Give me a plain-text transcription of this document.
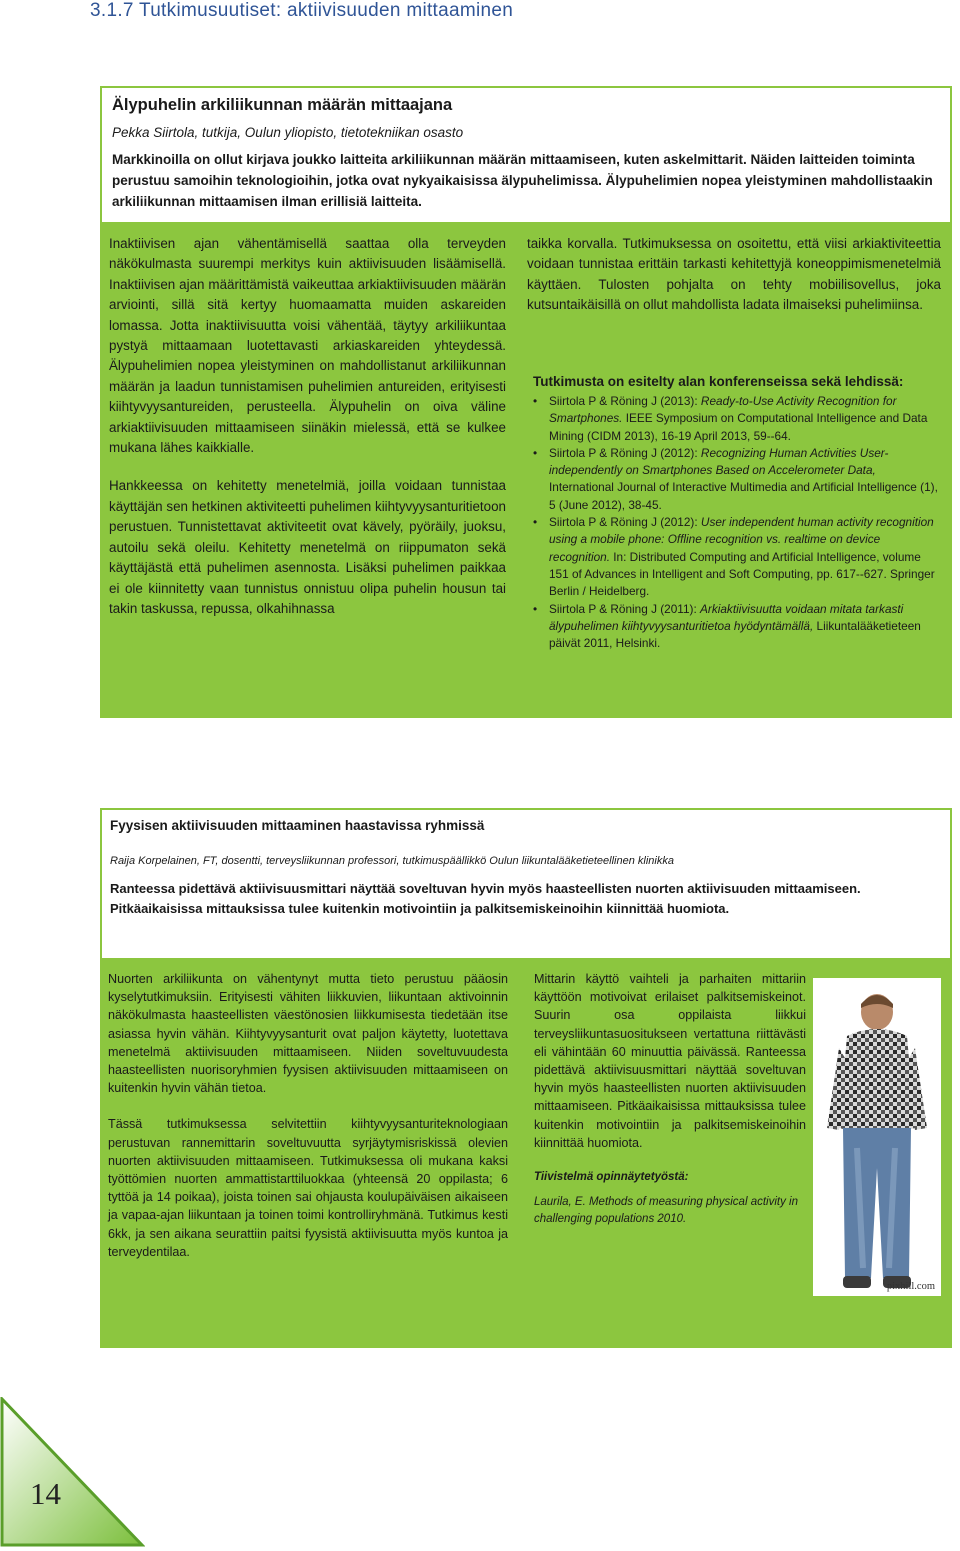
3.1.7 Tutkimusuutiset: aktiivisuuden mittaaminen
Älypuhelin arkiliikunnan määrän mittaajana
Pekka Siirtola, tutkija, Oulun yliopisto, tietotekniikan osasto
Markkinoilla on ollut kirjava joukko laitteita arkiliikunnan määrän mittaamiseen, kuten askelmittarit. Näiden laitteiden toiminta perustuu samoihin teknologioihin, jotka ovat nykyaikaisissa älypuhelimissa. Älypuhelimien nopea yleistyminen mahdollistaakin arkiliikunnan mittaamisen ilman erillisiä laitteita.

Inaktiivisen ajan vähentämisellä saattaa olla terveyden näkökulmasta suurempi merkitys kuin aktiivisuuden lisäämisellä. Inaktiivisen ajan määrittämistä vaikeuttaa arkiaktiivisuuden määrän arviointi, sillä sitä kertyy huomaamatta muiden askareiden lomassa. Jotta inaktiivisuutta voisi vähentää, täytyy arkiliikuntaa pystyä mittaamaan luotettavasti arkiaskareiden yhteydessä. Älypuhelimien nopea yleistyminen on mahdollistanut arkiliikunnan määrän ja laadun tunnistamisen puhelimien antureiden, erityisesti kiihtyvyysantureiden, perusteella. Älypuhelin on oiva väline arkiaktiivisuuden mittaamiseen siinäkin mielessä, että se kulkee mukana lähes kaikkialle.

Hankkeessa on kehitetty menetelmiä, joilla voidaan tunnistaa käyttäjän sen hetkinen aktiviteetti puhelimen kiihtyvyysanturitietoon perustuen. Tunnistettavat aktiviteetit ovat kävely, pyöräily, juoksu, autoilu sekä oleilu. Kehitetty menetelmä on riippumaton sekä käyttäjästä että puhelimen asennosta. Lisäksi puhelimen paikkaa ei ole kiinnitetty vaan tunnistus onnistuu olipa puhelin housun tai takin taskussa, repussa, olkahihnassa

taikka korvalla. Tutkimuksessa on osoitettu, että viisi arkiaktiviteettia voidaan tunnistaa erittäin tarkasti kehitettyjä koneoppimismenetelmiä käyttäen. Tulosten pohjalta on tehty mobiilisovellus, joka kutsuntaikäisillä on ollut mahdollista ladata ilmaiseksi puhelimiinsa.

Tutkimusta on esitelty alan konferenseissa sekä lehdissä:
• Siirtola P & Röning J (2013): Ready-to-Use Activity Recognition for Smartphones. IEEE Symposium on Computational Intelligence and Data Mining (CIDM 2013), 16-19 April 2013, 59--64.
• Siirtola P & Röning J (2012): Recognizing Human Activities User-independently on Smartphones Based on Accelerometer Data, International Journal of Interactive Multimedia and Artificial Intelligence (1), 5 (June 2012), 38-45.
• Siirtola P & Röning J (2012): User independent human activity recognition using a mobile phone: Offline recognition vs. realtime on device recognition. In: Distributed Computing and Artificial Intelligence, volume 151 of Advances in Intelligent and Soft Computing, pp. 617--627. Springer Berlin / Heidelberg.
• Siirtola P & Röning J (2011): Arkiaktiivisuutta voidaan mitata tarkasti älypuhelimen kiihtyvyysanturitietoa hyödyntämällä, Liikuntalääketieteen päivät 2011, Helsinki.
Fyysisen aktiivisuuden mittaaminen haastavissa ryhmissä
Raija Korpelainen, FT, dosentti, terveysliikunnan professori, tutkimuspäällikkö Oulun liikuntalääketieteellinen klinikka
Ranteessa pidettävä aktiivisuusmittari näyttää soveltuvan hyvin myös haasteellisten nuorten aktiivisuuden mittaamiseen. Pitkäaikaisissa mittauksissa tulee kuitenkin motivointiin ja palkitsemiskeinoihin kiinnittää huomiota.

Nuorten arkiliikunta on vähentynyt mutta tieto perustuu pääosin kyselytutkimuksiin. Erityisesti vähiten liikkuvien, liikuntaan aktivoinnin näkökulmasta haasteellisten väestönosien liikkumisesta tiedetään itse asiassa hyvin vähän. Kiihtyvyysanturit ovat paljon käytetty, luotettava menetelmä aktiivisuuden mittaamiseen. Niiden soveltuvuudesta haasteellisten nuorisoryhmien fyysisen aktiivisuuden mittaamiseen on kuitenkin hyvin vähän tietoa.

Tässä tutkimuksessa selvitettiin kiihtyvyysanturiteknologiaan perustuvan rannemittarin soveltuvuutta syrjäytymisriskissä olevien nuorten aktiivisuuden mittaamiseen. Tutkimuksessa oli mukana kaksi työttömien nuorten ammattistarttiluokkaa (yhteensä 20 oppilasta; 6 tyttöä ja 14 poikaa), joista toinen sai ohjausta koulupäiväisen aikaiseen ja vapaa-ajan liikuntaan ja toinen toimi kontrolliryhmänä. Tutkimus kesti 6kk, ja sen aikana seurattiin paitsi fyysistä aktiivisuutta myös kuntoa ja terveydentilaa.

Mittarin käyttö vaihteli ja parhaiten mittariin käyttöön motivoivat erilaiset palkitsemiskeinot. Suurin osa oppilaista liikkui terveysliikuntasuositukseen vertattuna riittävästi eli vähintään 60 minuuttia päivässä. Ranteessa pidettävä aktiivisuusmittari näyttää soveltuvan hyvin myös haasteellisten nuorten aktiivisuuden mittaamiseen. Pitkäaikaisissa mittauksissa tulee kuitenkin motivointiin ja palkitsemiskeinoihin kiinnittää huomiota.

Tiivistelmä opinnäytetyöstä:

Laurila, E. Methods of measuring physical activity in challenging populations 2010.

pixhill.com
14
